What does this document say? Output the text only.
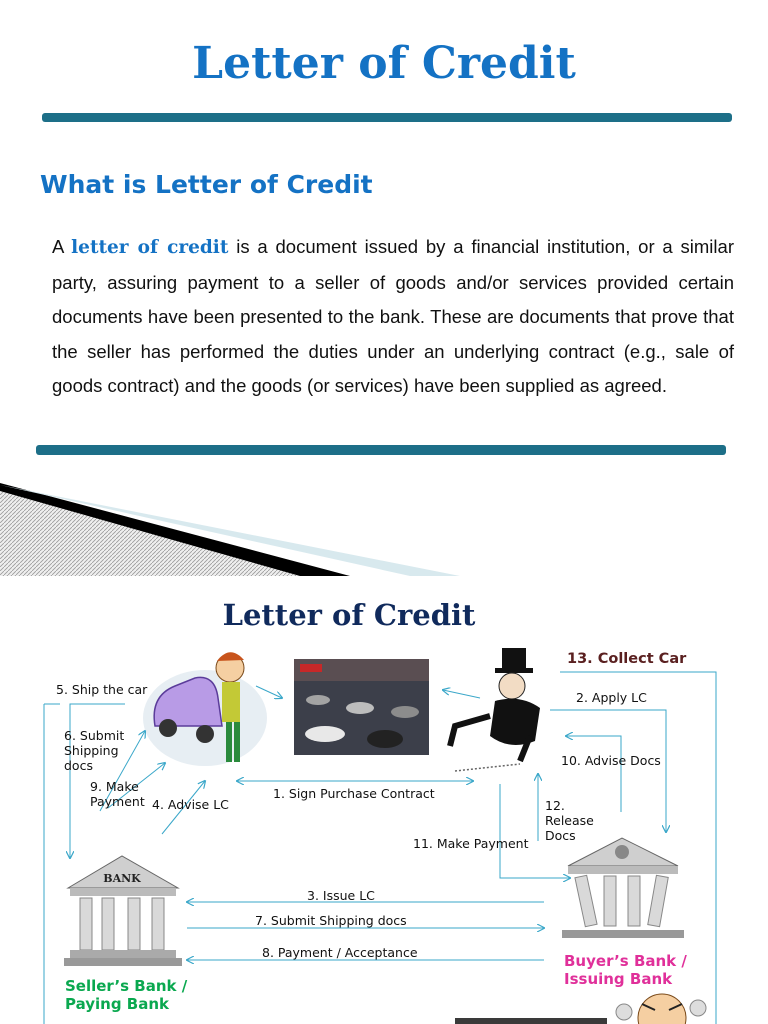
Letter of Credit
What is Letter of Credit

A letter of credit is a document issued by a financial institution, or a similar party, assuring payment to a seller of goods and/or services provided certain documents have been presented to the bank. These are documents that prove that the seller has performed the duties under an underlying contract (e.g., sale of goods contract) and the goods (or services) have been supplied as agreed.

BANK
Letter of Credit
5. Ship the car
6. Submit Shipping docs
9. Make Payment 4. Advise LC
1. Sign Purchase Contract
13. Collect Car
2. Apply LC
10. Advise Docs
12. Release Docs
11. Make Payment
3. Issue LC
7. Submit Shipping docs
8. Payment / Acceptance
Seller’s Bank / Paying Bank
Buyer’s Bank / Issuing Bank
